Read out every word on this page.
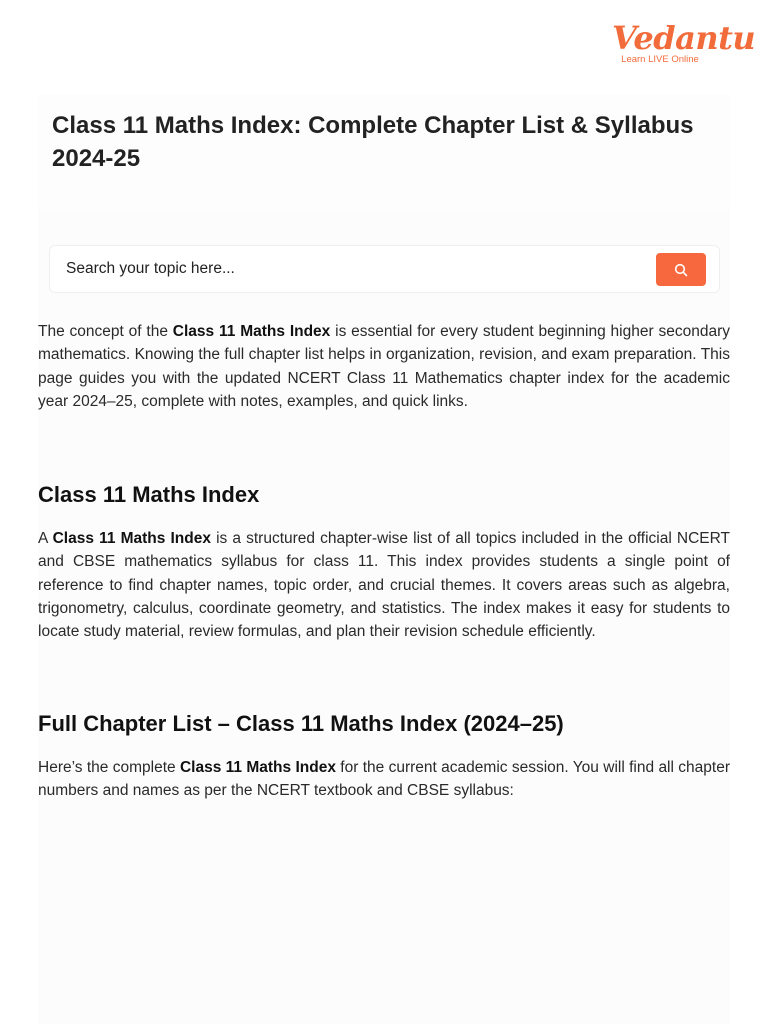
Vedantu
Learn LIVE Online
Class 11 Maths Index: Complete Chapter List & Syllabus 2024-25
Search your topic here...

The concept of the Class 11 Maths Index is essential for every student beginning higher secondary mathematics. Knowing the full chapter list helps in organization, revision, and exam preparation. This page guides you with the updated NCERT Class 11 Mathematics chapter index for the academic year 2024–25, complete with notes, examples, and quick links.

Class 11 Maths Index

A Class 11 Maths Index is a structured chapter-wise list of all topics included in the official NCERT and CBSE mathematics syllabus for class 11. This index provides students a single point of reference to find chapter names, topic order, and crucial themes. It covers areas such as algebra, trigonometry, calculus, coordinate geometry, and statistics. The index makes it easy for students to locate study material, review formulas, and plan their revision schedule efficiently.

Full Chapter List – Class 11 Maths Index (2024–25)

Here’s the complete Class 11 Maths Index for the current academic session. You will find all chapter numbers and names as per the NCERT textbook and CBSE syllabus:
